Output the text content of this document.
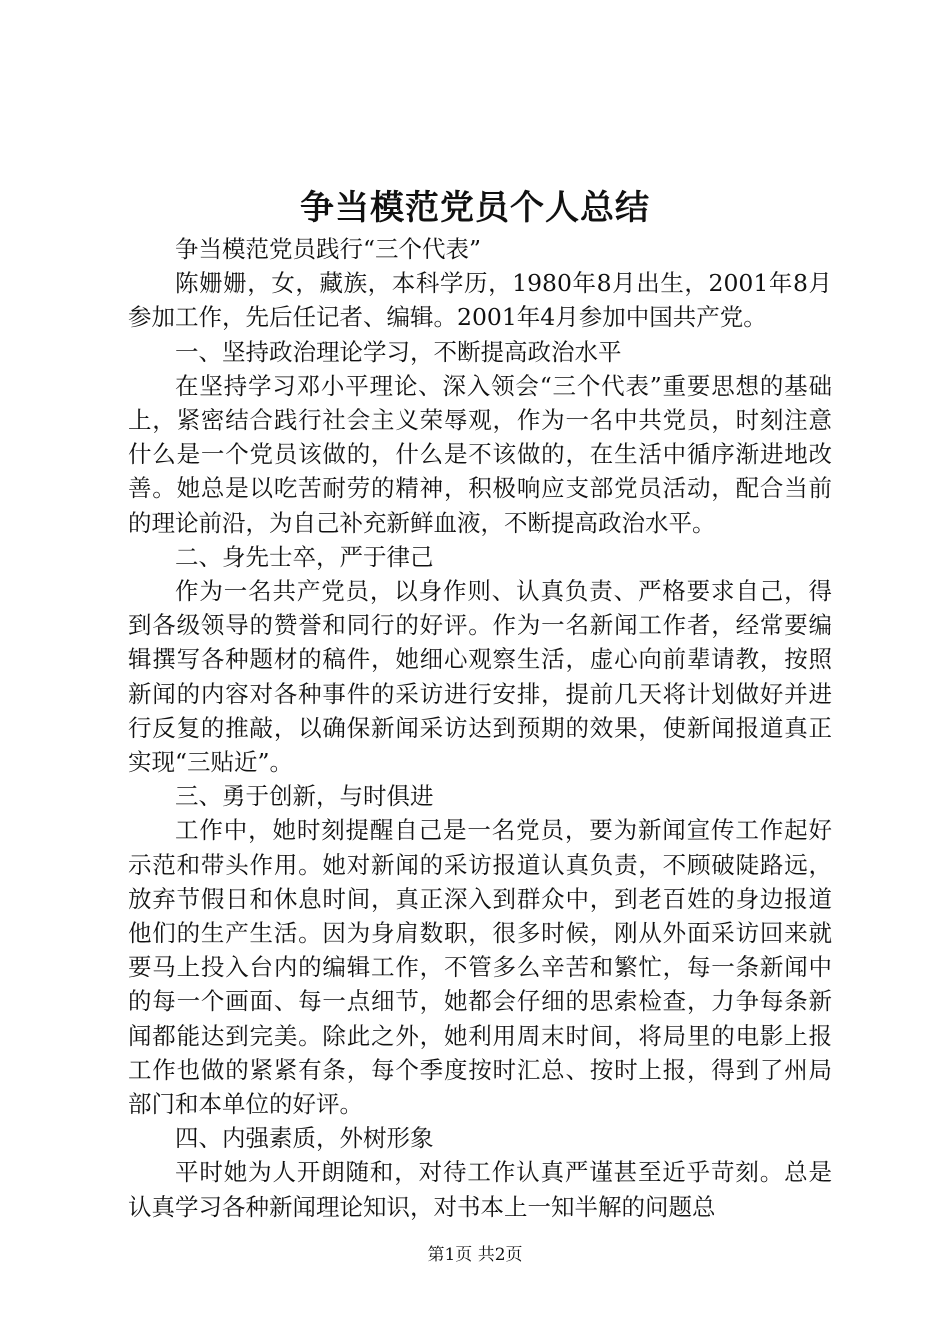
争当模范党员个人总结

争当模范党员践行“三个代表”

陈姗姗，女，藏族，本科学历，1980年8月出生，2001年8月参加工作，先后任记者、编辑。2001年4月参加中国共产党。

一、坚持政治理论学习，不断提高政治水平

在坚持学习邓小平理论、深入领会“三个代表”重要思想的基础上，紧密结合践行社会主义荣辱观，作为一名中共党员，时刻注意什么是一个党员该做的，什么是不该做的，在生活中循序渐进地改善。她总是以吃苦耐劳的精神，积极响应支部党员活动，配合当前的理论前沿，为自己补充新鲜血液，不断提高政治水平。

二、身先士卒，严于律己

作为一名共产党员，以身作则、认真负责、严格要求自己，得到各级领导的赞誉和同行的好评。作为一名新闻工作者，经常要编辑撰写各种题材的稿件，她细心观察生活，虚心向前辈请教，按照新闻的内容对各种事件的采访进行安排，提前几天将计划做好并进行反复的推敲，以确保新闻采访达到预期的效果，使新闻报道真正实现“三贴近”。

三、勇于创新，与时俱进

工作中，她时刻提醒自己是一名党员，要为新闻宣传工作起好示范和带头作用。她对新闻的采访报道认真负责，不顾破陡路远，放弃节假日和休息时间，真正深入到群众中，到老百姓的身边报道他们的生产生活。因为身肩数职，很多时候，刚从外面采访回来就要马上投入台内的编辑工作，不管多么辛苦和繁忙，每一条新闻中的每一个画面、每一点细节，她都会仔细的思索检查，力争每条新闻都能达到完美。除此之外，她利用周末时间，将局里的电影上报工作也做的紧紧有条，每个季度按时汇总、按时上报，得到了州局部门和本单位的好评。

四、内强素质，外树形象

平时她为人开朗随和，对待工作认真严谨甚至近乎苛刻。总是认真学习各种新闻理论知识，对书本上一知半解的问题总

第1页 共2页
